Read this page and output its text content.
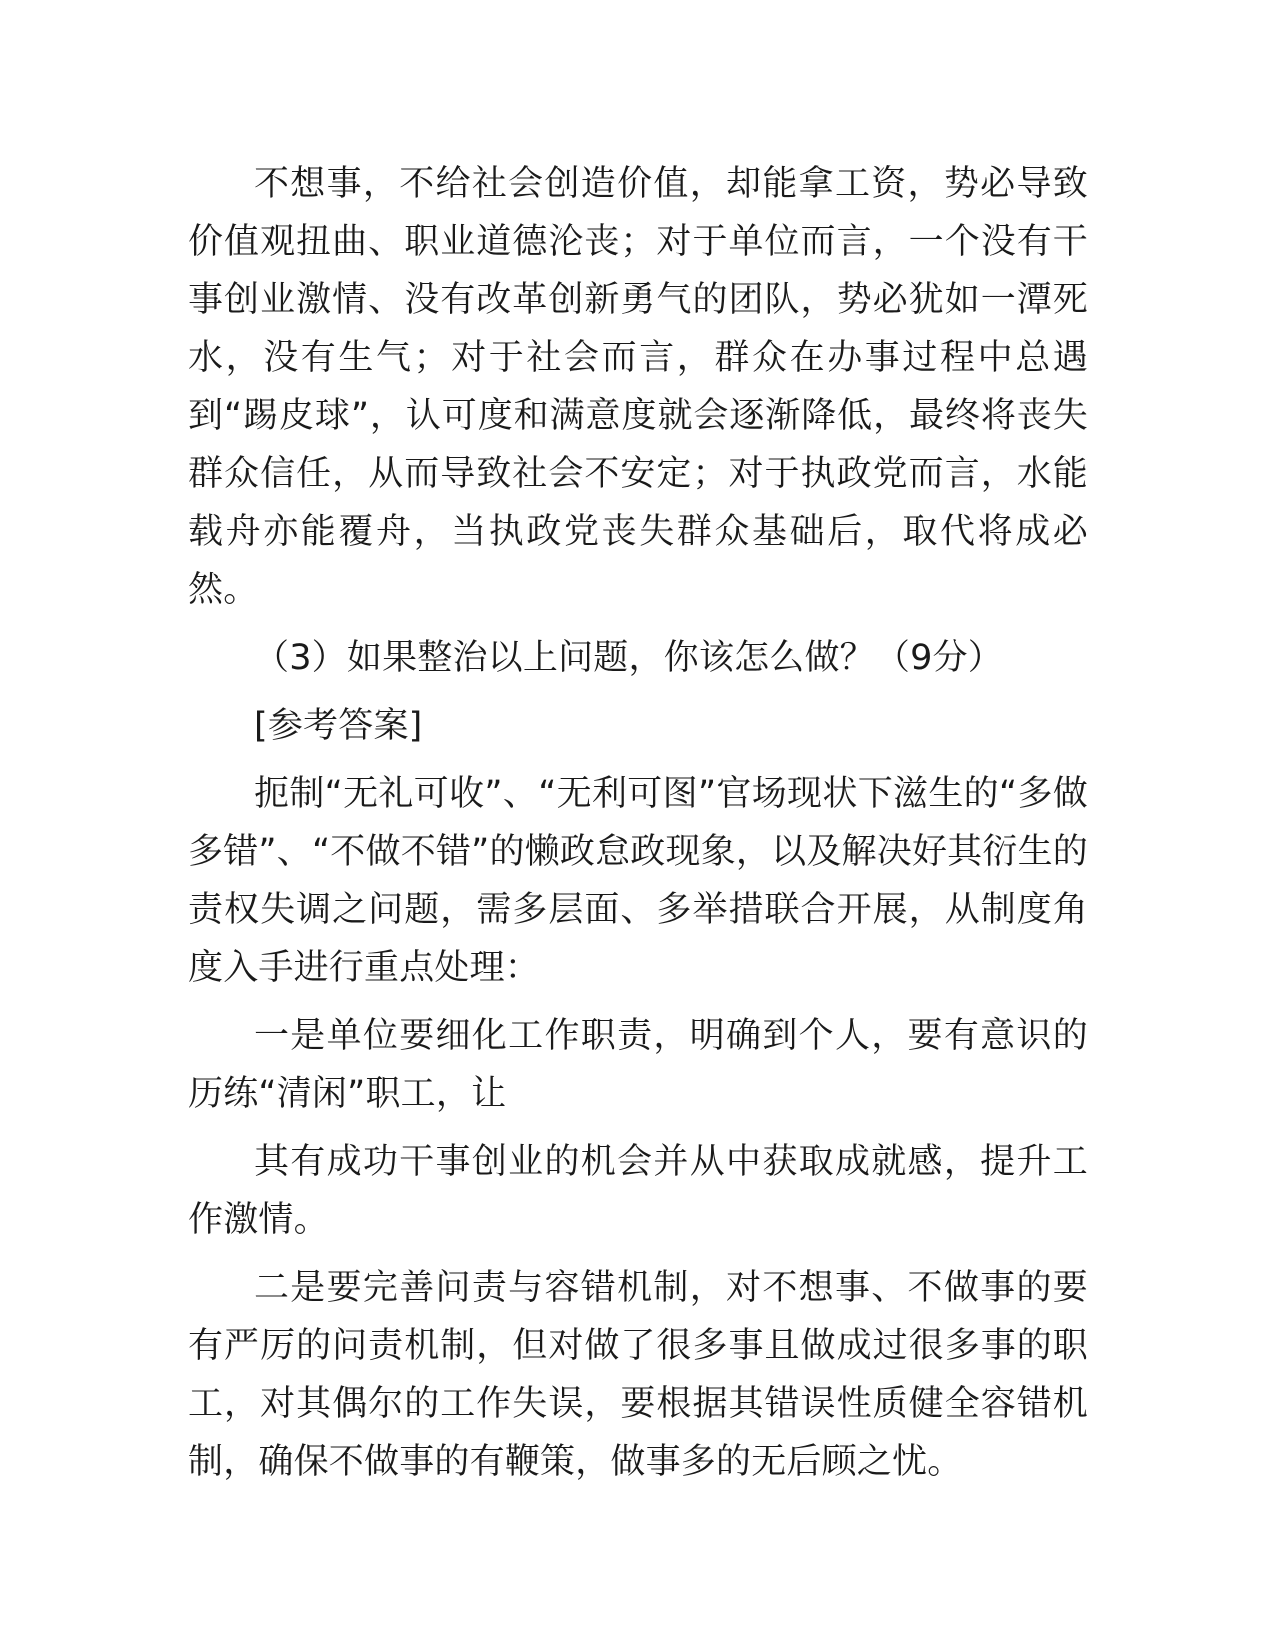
不想事，不给社会创造价值，却能拿工资，势必导致价值观扭曲、职业道德沦丧；对于单位而言，一个没有干事创业激情、没有改革创新勇气的团队，势必犹如一潭死水，没有生气；对于社会而言，群众在办事过程中总遇到“踢皮球”，认可度和满意度就会逐渐降低，最终将丧失群众信任，从而导致社会不安定；对于执政党而言，水能载舟亦能覆舟，当执政党丧失群众基础后，取代将成必然。

（3）如果整治以上问题，你该怎么做？（9分）

[参考答案]

扼制“无礼可收”、“无利可图”官场现状下滋生的“多做多错”、“不做不错”的懒政怠政现象，以及解决好其衍生的责权失调之问题，需多层面、多举措联合开展，从制度角度入手进行重点处理：

一是单位要细化工作职责，明确到个人，要有意识的历练“清闲”职工，让

其有成功干事创业的机会并从中获取成就感，提升工作激情。

二是要完善问责与容错机制，对不想事、不做事的要有严厉的问责机制，但对做了很多事且做成过很多事的职工，对其偶尔的工作失误，要根据其错误性质健全容错机制，确保不做事的有鞭策，做事多的无后顾之忧。
